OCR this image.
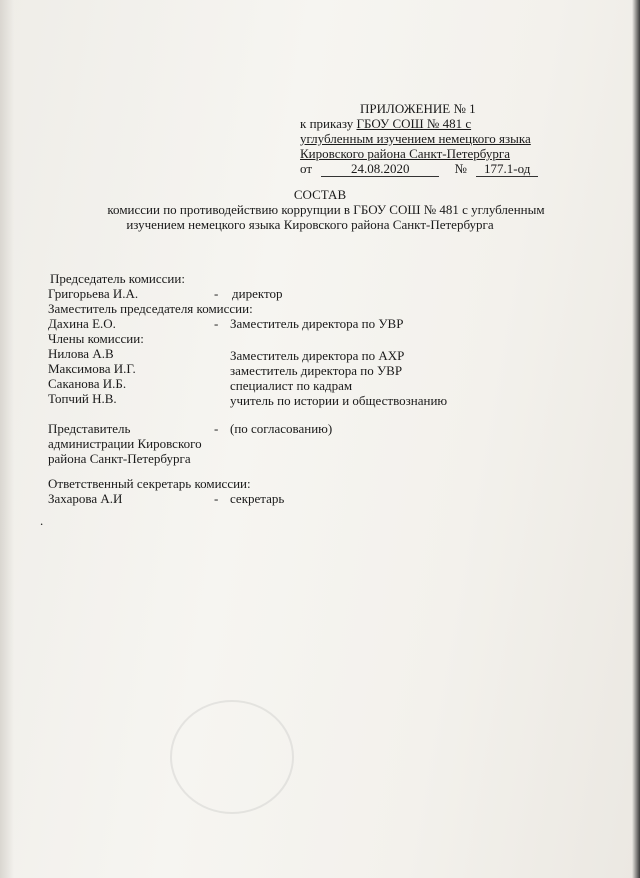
ПРИЛОЖЕНИЕ № 1
к приказу ГБОУ СОШ № 481 с
углубленным изучением немецкого языка
Кировского района Санкт-Петербурга
от	24.08.2020	№ 177.1-од
СОСТАВ
комиссии по противодействию коррупции в ГБОУ СОШ № 481 с углубленным
изучением немецкого языка Кировского района Санкт-Петербурга
Председатель комиссии:
Григорьева И.А.	- директор
Заместитель председателя комиссии:
Дахина Е.О.	- Заместитель директора по УВР
Члены комиссии:
Нилова А.В	Заместитель директора по АХР
Максимова И.Г.	заместитель директора по УВР
Саканова И.Б.	специалист по кадрам
Топчий Н.В.	учитель по истории и обществознанию
Представитель	- (по согласованию)
администрации Кировского
района Санкт-Петербурга
Ответственный секретарь комиссии:
Захарова А.И	- секретарь
.
